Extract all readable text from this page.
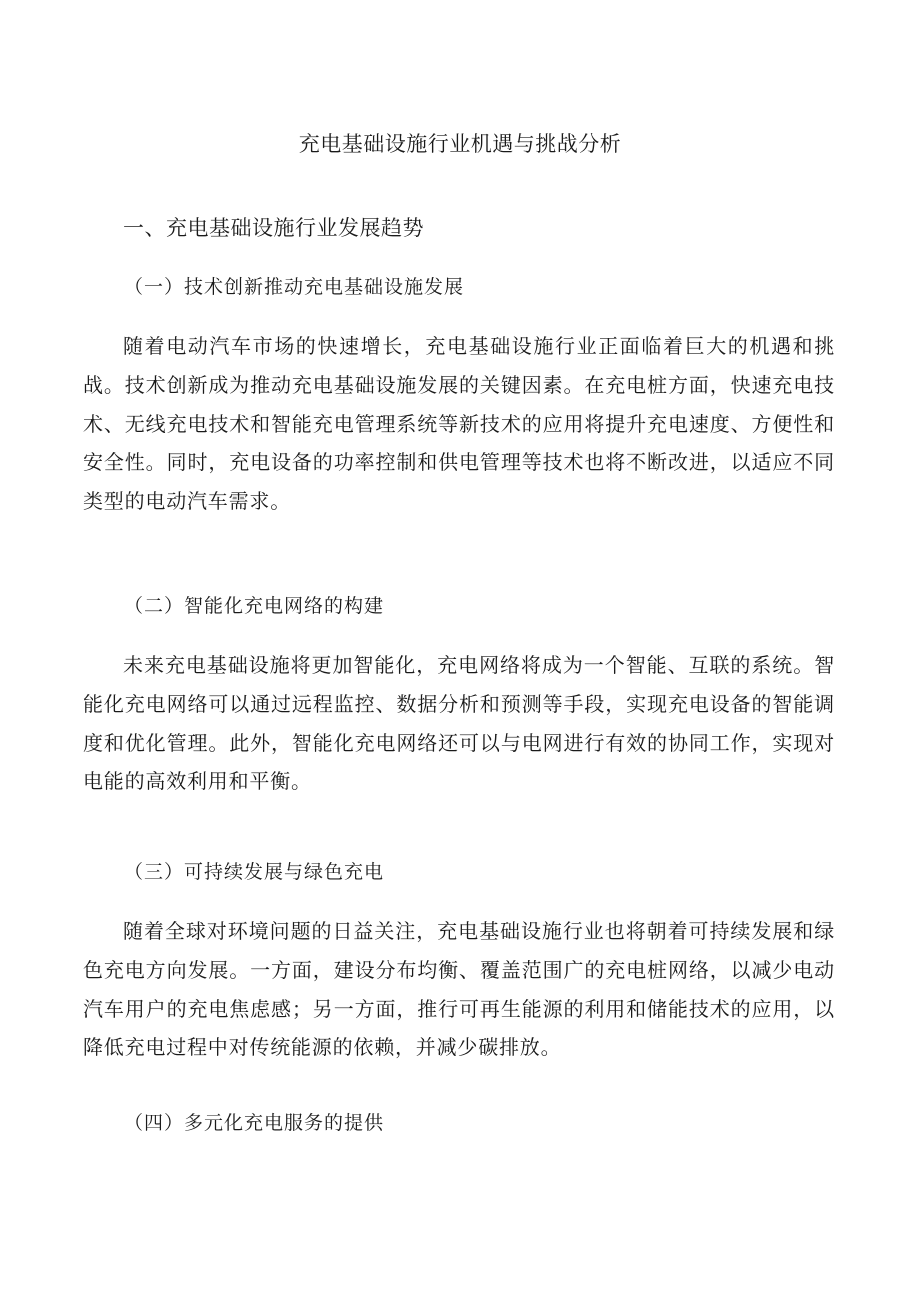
充电基础设施行业机遇与挑战分析
一、充电基础设施行业发展趋势
（一）技术创新推动充电基础设施发展

随着电动汽车市场的快速增长，充电基础设施行业正面临着巨大的机遇和挑战。技术创新成为推动充电基础设施发展的关键因素。在充电桩方面，快速充电技术、无线充电技术和智能充电管理系统等新技术的应用将提升充电速度、方便性和安全性。同时，充电设备的功率控制和供电管理等技术也将不断改进，以适应不同类型的电动汽车需求。

（二）智能化充电网络的构建

未来充电基础设施将更加智能化，充电网络将成为一个智能、互联的系统。智能化充电网络可以通过远程监控、数据分析和预测等手段，实现充电设备的智能调度和优化管理。此外，智能化充电网络还可以与电网进行有效的协同工作，实现对电能的高效利用和平衡。

（三）可持续发展与绿色充电

随着全球对环境问题的日益关注，充电基础设施行业也将朝着可持续发展和绿色充电方向发展。一方面，建设分布均衡、覆盖范围广的充电桩网络，以减少电动汽车用户的充电焦虑感；另一方面，推行可再生能源的利用和储能技术的应用，以降低充电过程中对传统能源的依赖，并减少碳排放。

（四）多元化充电服务的提供
